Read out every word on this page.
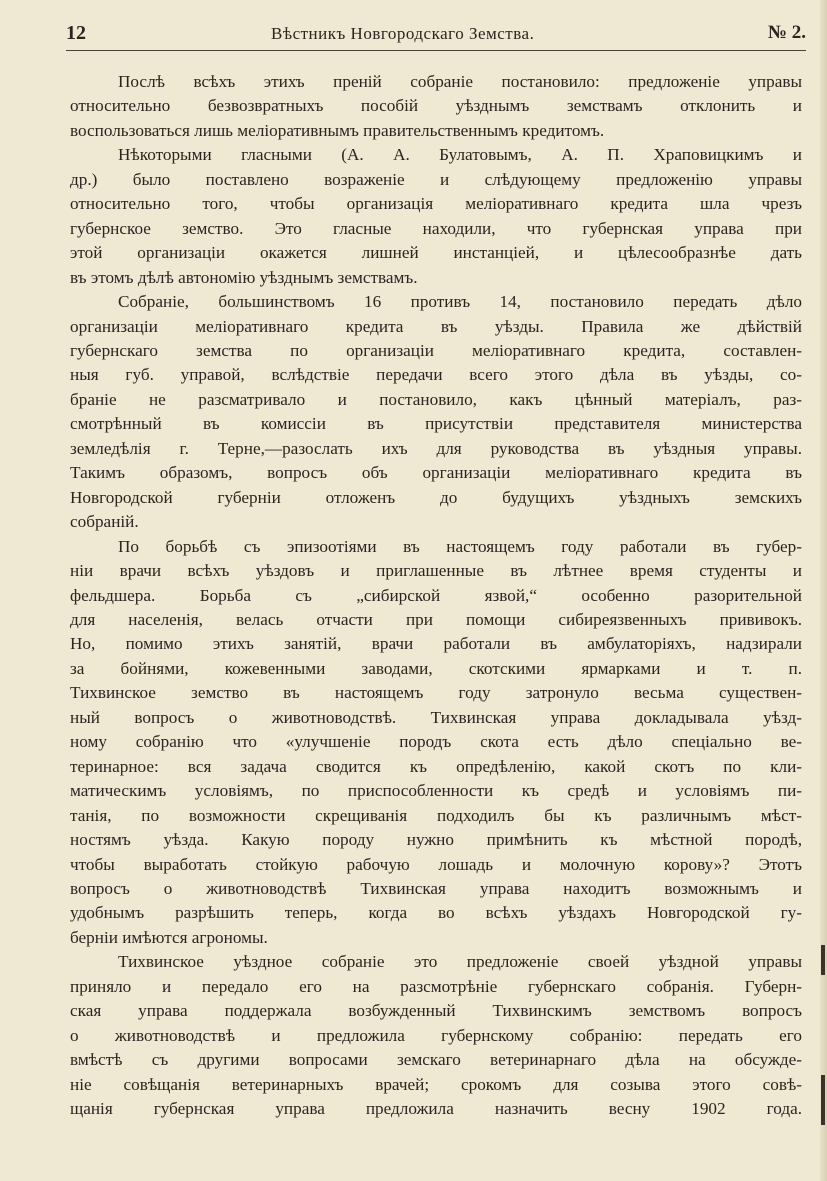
12	Вѣстникъ Новгородскаго Земства.	№ 2.

Послѣ всѣхъ этихъ преній собраніе постановило: предложеніе управы

относительно безвозвратныхъ пособій уѣзднымъ земствамъ отклонить и

воспользоваться лишь меліоративнымъ правительственнымъ кредитомъ.

Нѣкоторыми гласными (А. А. Булатовымъ, А. П. Храповицкимъ и

др.) было поставлено возраженіе и слѣдующему предложенію управы

относительно того, чтобы организація меліоративнаго кредита шла чрезъ

губернское земство. Это гласные находили, что губернская управа при

этой организаціи окажется лишней инстанціей, и цѣлесообразнѣе дать

въ этомъ дѣлѣ автономію уѣзднымъ земствамъ.

Собраніе, большинствомъ 16 противъ 14, постановило передать дѣло

организаціи меліоративнаго кредита въ уѣзды. Правила же дѣйствій

губернскаго земства по организаціи меліоративнаго кредита, составлен-

ныя губ. управой, вслѣдствіе передачи всего этого дѣла въ уѣзды, со-

браніе не разсматривало и постановило, какъ цѣнный матеріалъ, раз-

смотрѣнный въ комиссіи въ присутствіи представителя министерства

земледѣлія г. Терне,—разослать ихъ для руководства въ уѣздныя управы.

Такимъ образомъ, вопросъ объ организаціи меліоративнаго кредита въ

Новгородской губерніи отложенъ до будущихъ уѣздныхъ земскихъ

собраній.

По борьбѣ съ эпизоотіями въ настоящемъ году работали въ губер-

ніи врачи всѣхъ уѣздовъ и приглашенные въ лѣтнее время студенты и

фельдшера. Борьба съ „сибирской язвой,“ особенно разорительной

для населенія, велась отчасти при помощи сибиреязвенныхъ прививокъ.

Но, помимо этихъ занятій, врачи работали въ амбулаторіяхъ, надзирали

за бойнями, кожевенными заводами, скотскими ярмарками и т. п.

Тихвинское земство въ настоящемъ году затронуло весьма существен-

ный вопросъ о животноводствѣ. Тихвинская управа докладывала уѣзд-

ному собранію что «улучшеніе породъ скота есть дѣло спеціально ве-

теринарное: вся задача сводится къ опредѣленію, какой скотъ по кли-

матическимъ условіямъ, по приспособленности къ средѣ и условіямъ пи-

танія, по возможности скрещиванія подходилъ бы къ различнымъ мѣст-

ностямъ уѣзда. Какую породу нужно примѣнить къ мѣстной породѣ,

чтобы выработать стойкую рабочую лошадь и молочную корову»? Этотъ

вопросъ о животноводствѣ Тихвинская управа находитъ возможнымъ и

удобнымъ разрѣшить теперь, когда во всѣхъ уѣздахъ Новгородской гу-

берніи имѣются агрономы.

Тихвинское уѣздное собраніе это предложеніе своей уѣздной управы

приняло и передало его на разсмотрѣніе губернскаго собранія. Губерн-

ская управа поддержала возбужденный Тихвинскимъ земствомъ вопросъ

о животноводствѣ и предложила губернскому собранію: передать его

вмѣстѣ съ другими вопросами земскаго ветеринарнаго дѣла на обсужде-

ніе совѣщанія ветеринарныхъ врачей; срокомъ для созыва этого совѣ-

щанія губернская управа предложила назначить весну 1902 года.
